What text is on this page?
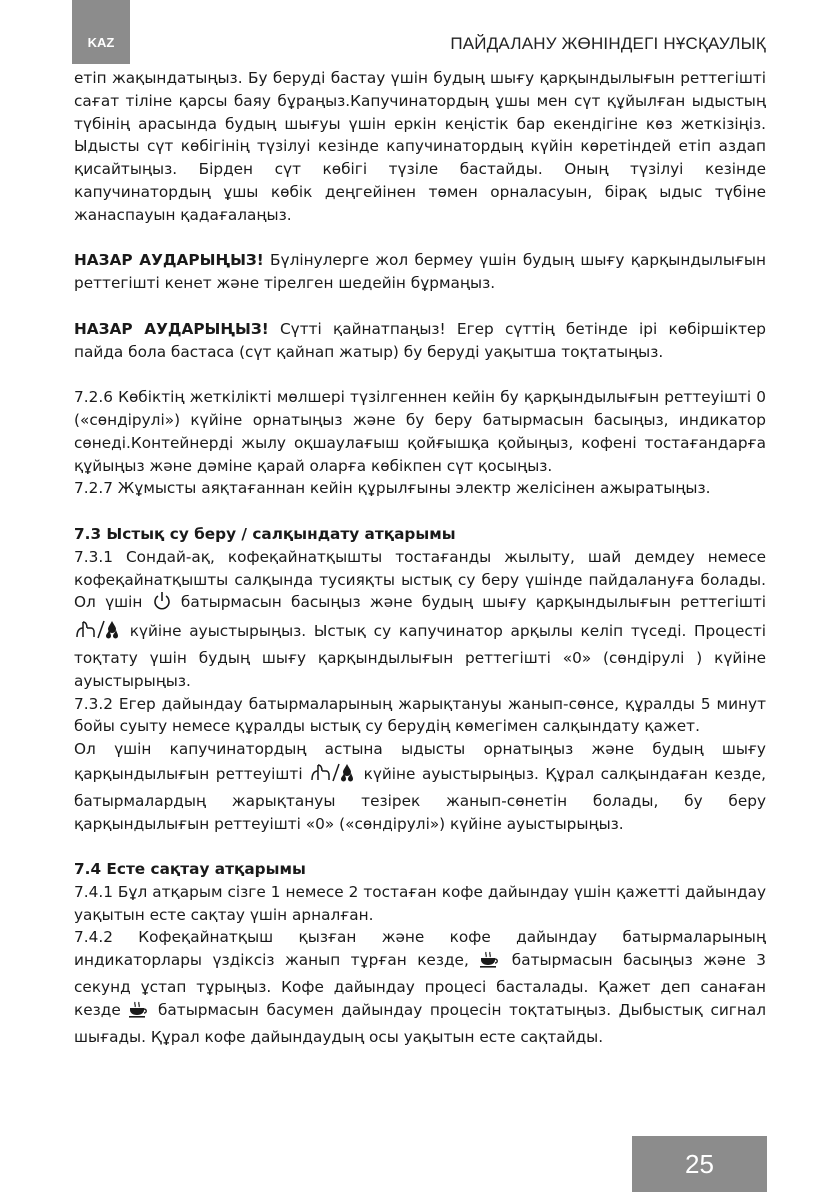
KAZ	ПАЙДАЛАНУ ЖӨНІНДЕГІ НҰСҚАУЛЫҚ

етіп жақындатыңыз. Бу беруді бастау үшін будың шығу қарқындылығын реттегішті сағат тіліне қарсы баяу бұраңыз.Капучинатордың ұшы мен сүт құйылған ыдыстың түбінің арасында будың шығуы үшін еркін кеңістік бар екендігіне көз жеткізіңіз. Ыдысты сүт көбігінің түзілуі кезінде капучинатордың күйін көретіндей етіп аздап қисайтыңыз. Бірден сүт көбігі түзіле бастайды. Оның түзілуі кезінде капучинатордың ұшы көбік деңгейінен төмен орналасуын, бірақ ыдыс түбіне жанаспауын қадағалаңыз.

НАЗАР АУДАРЫҢЫЗ! Бүлінулерге жол бермеу үшін будың шығу қарқындылығын реттегішті кенет және тірелген шедейін бұрмаңыз.

НАЗАР АУДАРЫҢЫЗ! Сүтті қайнатпаңыз! Егер сүттің бетінде ірі көбіршіктер пайда бола бастаса (сүт қайнап жатыр) бу беруді уақытша тоқтатыңыз.

7.2.6 Көбіктің жеткілікті мөлшері түзілгеннен кейін бу қарқындылығын реттеуішті 0 («сөндірулі») күйіне орнатыңыз және бу беру батырмасын басыңыз, индикатор сөнеді.Контейнерді жылу оқшаулағыш қойғышқа қойыңыз, кофені тостағандарға құйыңыз және дәміне қарай оларға көбікпен сүт қосыңыз.

7.2.7 Жұмысты аяқтағаннан кейін құрылғыны электр желісінен ажыратыңыз.

7.3 Ыстық су беру / салқындату атқарымы

7.3.1 Сондай-ақ, кофеқайнатқышты тостағанды жылыту, шай демдеу немесе кофеқайнатқышты салқында тусияқты ыстық су беру үшінде пайдалануға болады. Ол үшін  батырмасын басыңыз және будың шығу қарқындылығын реттегішті  күйіне ауыстырыңыз. Ыстық су капучинатор арқылы келіп түседі. Процесті тоқтату үшін будың шығу қарқындылығын реттегішті «0» (сөндірулі ) күйіне ауыстырыңыз.

7.3.2 Егер дайындау батырмаларының жарықтануы жанып-сөнсе, құралды 5 минут бойы суыту немесе құралды ыстық су берудің көмегімен салқындату қажет.

Ол үшін капучинатордың астына ыдысты орнатыңыз және будың шығу қарқындылығын реттеуішті	күйіне ауыстырыңыз. Құрал салқындаған кезде, батырмалардың жарықтануы тезірек жанып-сөнетін болады, бу беру қарқындылығын реттеуішті «0» («сөндірулі») күйіне ауыстырыңыз.

7.4 Есте сақтау атқарымы

7.4.1 Бұл атқарым сізге 1 немесе 2 тостаған кофе дайындау үшін қажетті дайындау уақытын есте сақтау үшін арналған.

7.4.2 Кофеқайнатқыш қызған және кофе дайындау батырмаларының индикаторлары үздіксіз жанып тұрған кезде,  батырмасын басыңыз және 3 секунд ұстап тұрыңыз. Кофе дайындау процесі басталады. Қажет деп санаған кезде  батырмасын басумен дайындау процесін тоқтатыңыз. Дыбыстық сигнал шығады. Құрал кофе дайындаудың осы уақытын есте сақтайды.

25
